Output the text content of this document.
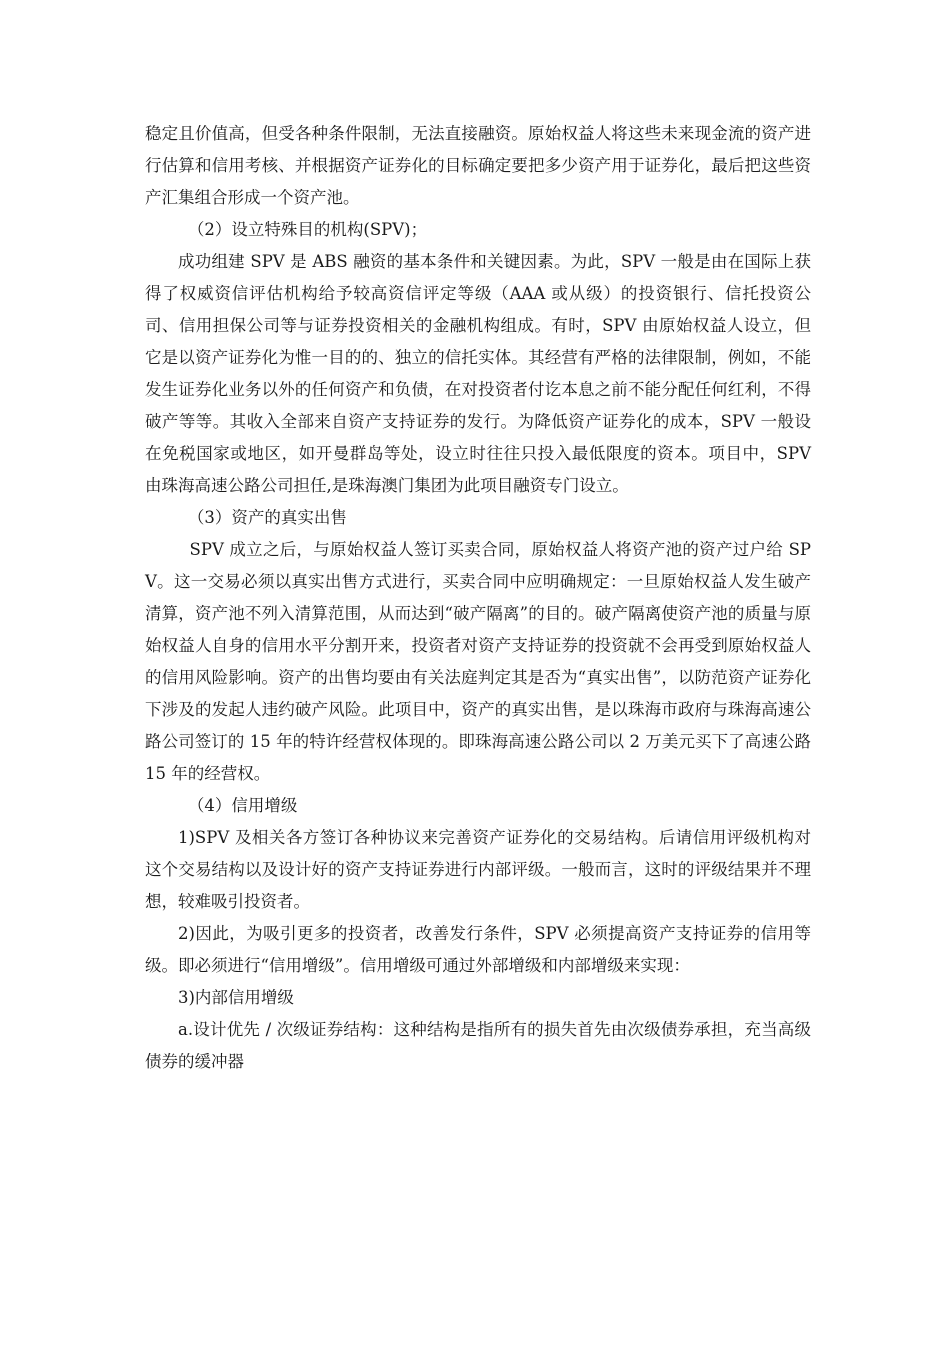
稳定且价值高，但受各种条件限制，无法直接融资。原始权益人将这些未来现金流的资产进行估算和信用考核、并根据资产证券化的目标确定要把多少资产用于证券化，最后把这些资产汇集组合形成一个资产池。

（2）设立特殊目的机构(SPV)；

成功组建 SPV 是 ABS 融资的基本条件和关键因素。为此，SPV 一般是由在国际上获得了权威资信评估机构给予较高资信评定等级（AAA 或从级）的投资银行、信托投资公司、信用担保公司等与证券投资相关的金融机构组成。有时，SPV 由原始权益人设立，但它是以资产证券化为惟一目的的、独立的信托实体。其经营有严格的法律限制，例如，不能发生证券化业务以外的任何资产和负债，在对投资者付讫本息之前不能分配任何红利，不得破产等等。其收入全部来自资产支持证券的发行。为降低资产证券化的成本，SPV 一般设在免税国家或地区，如开曼群岛等处，设立时往往只投入最低限度的资本。项目中，SPV 由珠海高速公路公司担任,是珠海澳门集团为此项目融资专门设立。

（3）资产的真实出售

SPV 成立之后，与原始权益人签订买卖合同，原始权益人将资产池的资产过户给 SPV。这一交易必须以真实出售方式进行，买卖合同中应明确规定：一旦原始权益人发生破产清算，资产池不列入清算范围，从而达到“破产隔离”的目的。破产隔离使资产池的质量与原始权益人自身的信用水平分割开来，投资者对资产支持证券的投资就不会再受到原始权益人的信用风险影响。资产的出售均要由有关法庭判定其是否为“真实出售”，以防范资产证券化下涉及的发起人违约破产风险。此项目中，资产的真实出售，是以珠海市政府与珠海高速公路公司签订的 15 年的特许经营权体现的。即珠海高速公路公司以 2 万美元买下了高速公路 15 年的经营权。

（4）信用增级

1)SPV 及相关各方签订各种协议来完善资产证券化的交易结构。后请信用评级机构对这个交易结构以及设计好的资产支持证券进行内部评级。一般而言，这时的评级结果并不理想，较难吸引投资者。

2)因此，为吸引更多的投资者，改善发行条件，SPV 必须提高资产支持证券的信用等级。即必须进行“信用增级”。信用增级可通过外部增级和内部增级来实现：

3)内部信用增级

a.设计优先 / 次级证券结构：这种结构是指所有的损失首先由次级债券承担，充当高级债券的缓冲器
